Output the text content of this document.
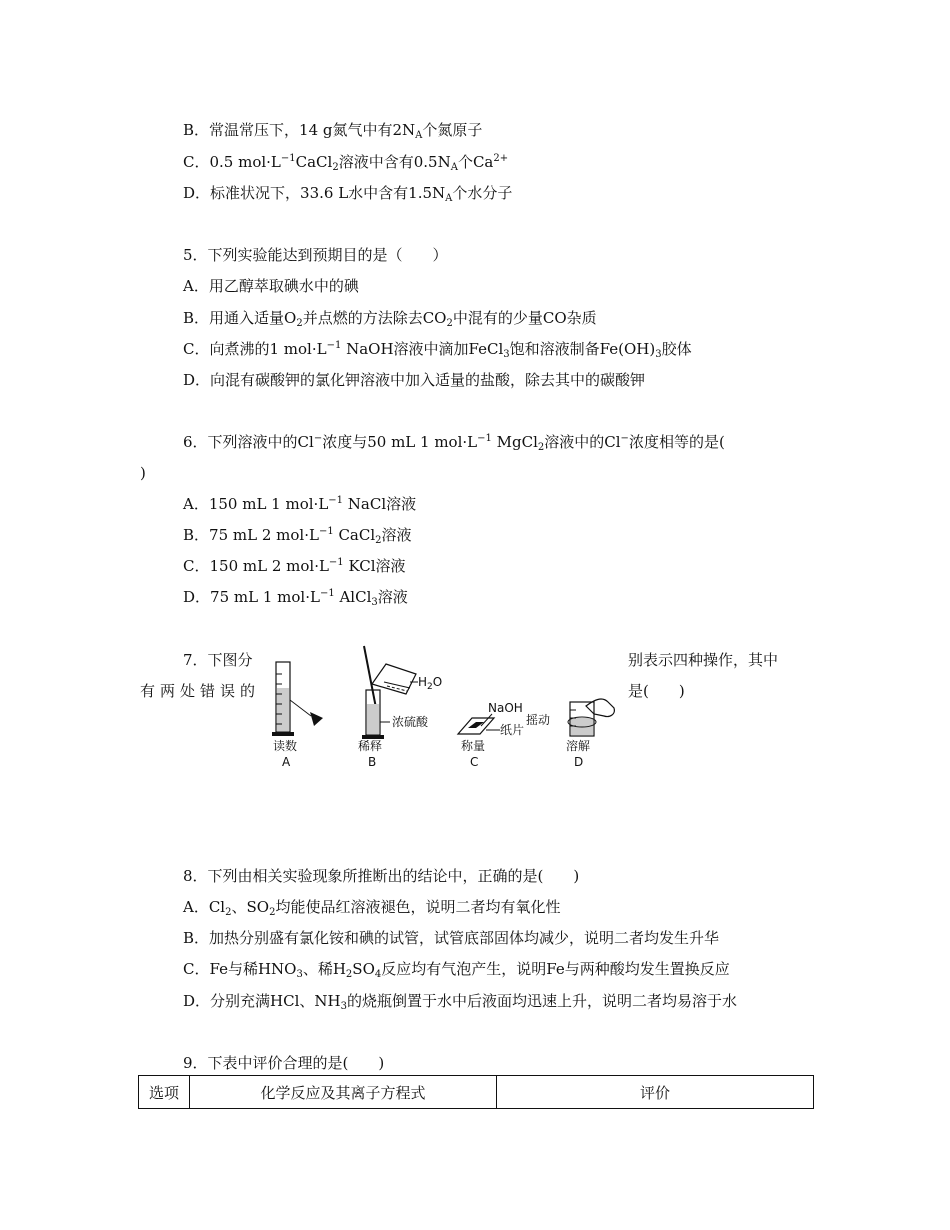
B．常温常压下，14 g氮气中有$2N_A$个氮原子
C．0.5 $mol\cdot L^{-1}CaCl_2$溶液中含有$0.5N_A$个$Ca^{2+}$
D．标准状况下，33.6 L水中含有$1.5N_A$个水分子
5．下列实验能达到预期目的是（　　）
A．用乙醇萃取碘水中的碘
B．用通入适量$O_2$并点燃的方法除去$CO_2$中混有的少量CO杂质
C．向煮沸的1 $mol\cdot L^{-1}$ NaOH溶液中滴加FeCl$_3$饱和溶液制备$Fe(OH)_3$胶体
D．向混有碳酸钾的氯化钾溶液中加入适量的盐酸，除去其中的碳酸钾
6．下列溶液中的Cl−浓度与50 mL 1 $mol\cdot L^{-1}$ MgCl$_2$溶液中的Cl−浓度相等的是(
)
A．150 mL 1 $mol\cdot L^{-1}$ NaCl溶液
B．75 mL 2 $mol\cdot L^{-1}$ CaCl$_2$溶液
C．150 mL 2 $mol\cdot L^{-1}$ KCl溶液
D．75 mL 1 $mol\cdot L^{-1}$ AlCl$_3$溶液
7．下图分	别表示四种操作，其中
有两处错误的	是(　　)
读数
A
$H_2O$
浓硫酸
稀释
B
NaOH
纸片
称量
C
摇动
溶解
D
8．下列由相关实验现象所推断出的结论中，正确的是(　　)
A．$Cl_2$、$SO_2$均能使品红溶液褪色，说明二者均有氧化性
B．加热分别盛有氯化铵和碘的试管，试管底部固体均减少，说明二者均发生升华
C．Fe与稀$HNO_3$、稀$H_2SO_4$反应均有气泡产生，说明Fe与两种酸均发生置换反应
D．分别充满HCl、$NH_3$的烧瓶倒置于水中后液面均迅速上升，说明二者均易溶于水
9．下表中评价合理的是(　　)
选项	化学反应及其离子方程式	评价
